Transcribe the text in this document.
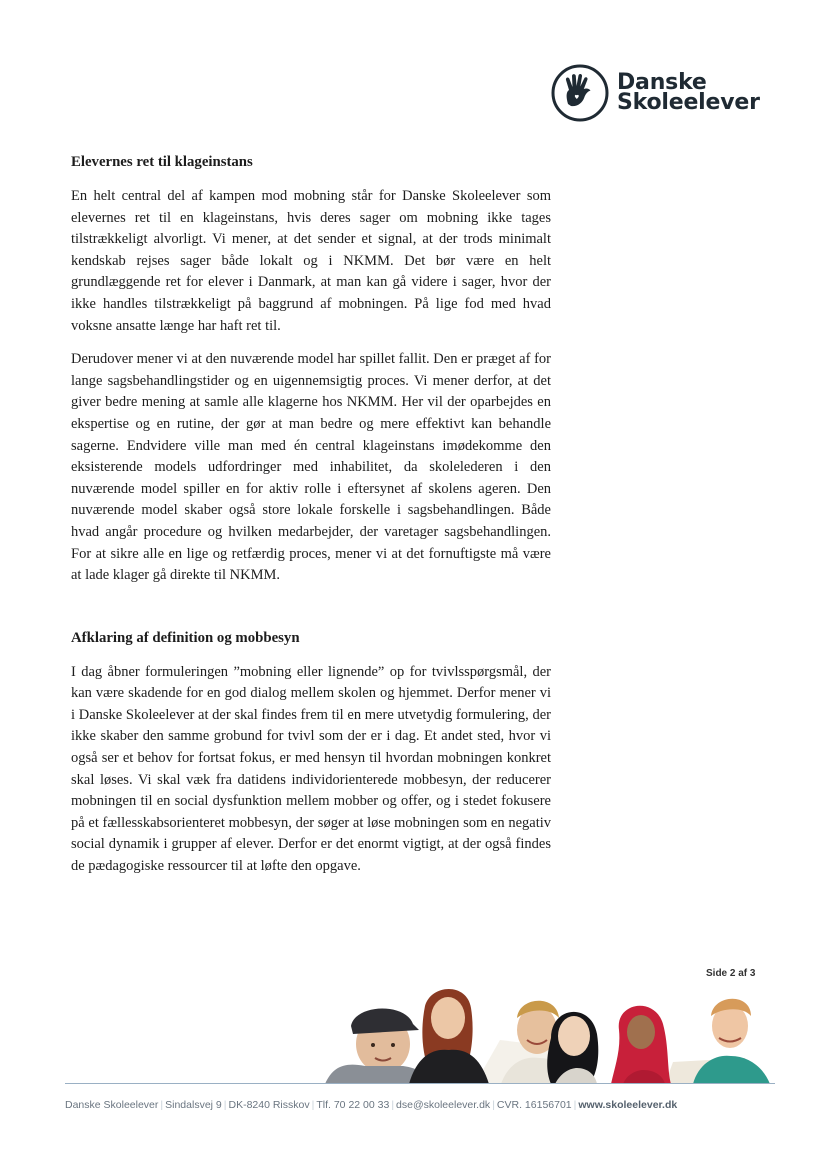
Danske
Skoleelever
Elevernes ret til klageinstans

En helt central del af kampen mod mobning står for Danske Skoleelever som elevernes ret til en klageinstans, hvis deres sager om mobning ikke tages tilstrækkeligt alvorligt. Vi mener, at det sender et signal, at der trods minimalt kendskab rejses sager både lokalt og i NKMM. Det bør være en helt grundlæggende ret for elever i Danmark, at man kan gå videre i sager, hvor der ikke handles tilstrækkeligt på baggrund af mobningen. På lige fod med hvad voksne ansatte længe har haft ret til.

Derudover mener vi at den nuværende model har spillet fallit. Den er præget af for lange sagsbehandlingstider og en uigennemsigtig proces. Vi mener derfor, at det giver bedre mening at samle alle klagerne hos NKMM. Her vil der oparbejdes en ekspertise og en rutine, der gør at man bedre og mere effektivt kan behandle sagerne. Endvidere ville man med én central klageinstans imødekomme den eksisterende models udfordringer med inhabilitet, da skolelederen i den nuværende model spiller en for aktiv rolle i eftersynet af skolens ageren. Den nuværende model skaber også store lokale forskelle i sagsbehandlingen. Både hvad angår procedure og hvilken medarbejder, der varetager sagsbehandlingen. For at sikre alle en lige og retfærdig proces, mener vi at det fornuftigste må være at lade klager gå direkte til NKMM.

Afklaring af definition og mobbesyn

I dag åbner formuleringen ”mobning eller lignende” op for tvivlsspørgsmål, der kan være skadende for en god dialog mellem skolen og hjemmet. Derfor mener vi i Danske Skoleelever at der skal findes frem til en mere utvetydig formulering, der ikke skaber den samme grobund for tvivl som der er i dag. Et andet sted, hvor vi også ser et behov for fortsat fokus, er med hensyn til hvordan mobningen konkret skal løses. Vi skal væk fra datidens individorienterede mobbesyn, der reducerer mobningen til en social dysfunktion mellem mobber og offer, og i stedet fokusere på et fællesskabsorienteret mobbesyn, der søger at løse mobningen som en negativ social dynamik i grupper af elever. Derfor er det enormt vigtigt, at der også findes de pædagogiske ressourcer til at løfte den opgave.

Side 2 af 3
Danske Skoleelever | Sindalsvej 9 | DK-8240 Risskov | Tlf. 70 22 00 33 | dse@skoleelever.dk | CVR. 16156701 | www.skoleelever.dk
